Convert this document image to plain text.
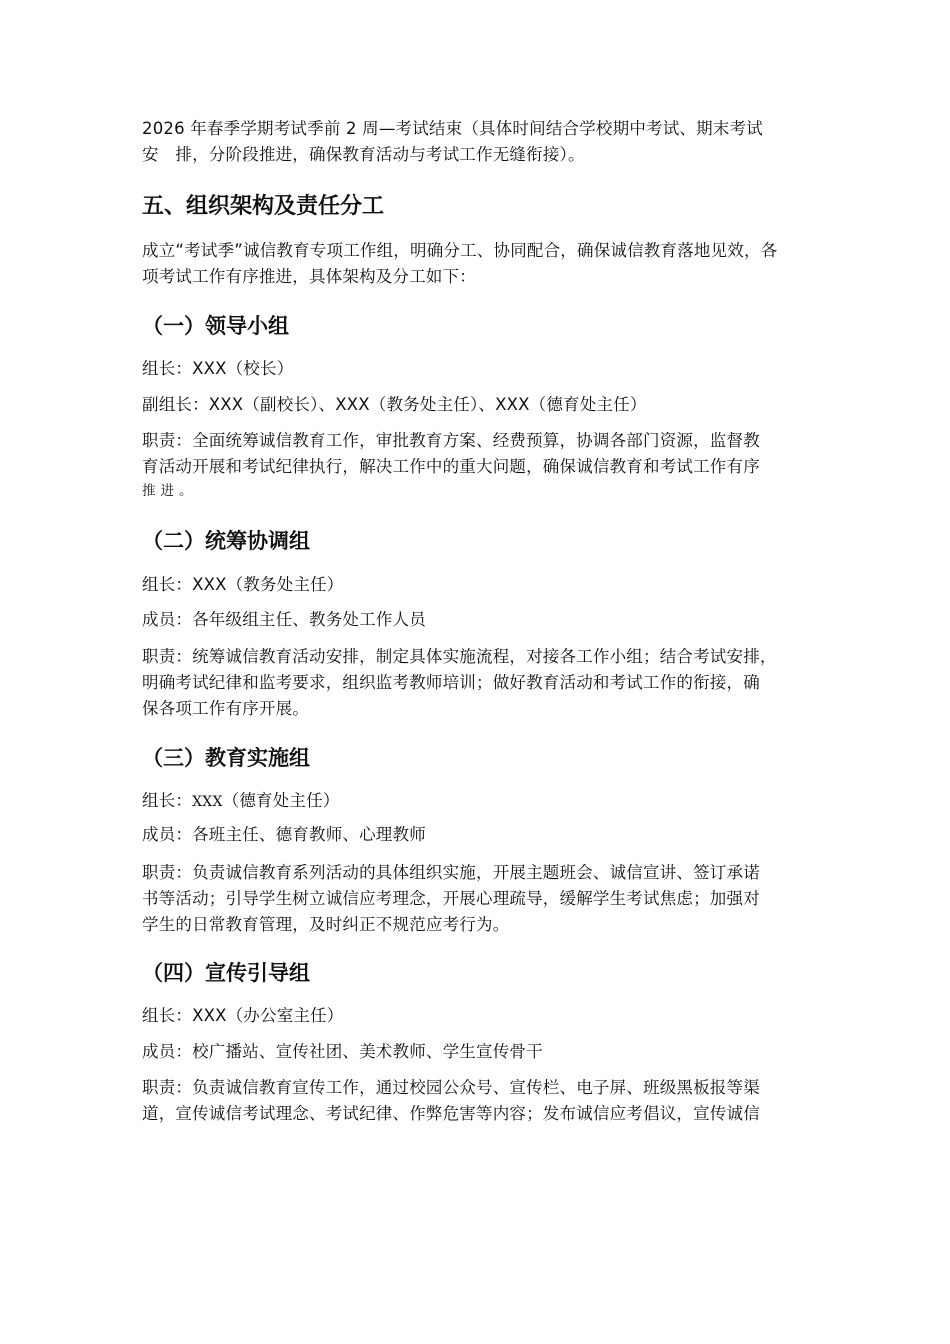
2026 年春季学期考试季前 2 周—考试结束（具体时间结合学校期中考试、期末考试

安　排，分阶段推进，确保教育活动与考试工作无缝衔接）。

五、组织架构及责任分工

成立“考试季”诚信教育专项工作组，明确分工、协同配合，确保诚信教育落地见效，各

项考试工作有序推进，具体架构及分工如下：

（一）领导小组

组长：XXX（校长）

副组长：XXX（副校长）、XXX（教务处主任）、XXX（德育处主任）

职责：全面统筹诚信教育工作，审批教育方案、经费预算，协调各部门资源，监督教

育活动开展和考试纪律执行，解决工作中的重大问题，确保诚信教育和考试工作有序

推进。

（二）统筹协调组

组长：XXX（教务处主任）

成员：各年级组主任、教务处工作人员

职责：统筹诚信教育活动安排，制定具体实施流程，对接各工作小组；结合考试安排，

明确考试纪律和监考要求，组织监考教师培训；做好教育活动和考试工作的衔接，确

保各项工作有序开展。

（三）教育实施组

组长：XXX（德育处主任）

成员：各班主任、德育教师、心理教师

职责：负责诚信教育系列活动的具体组织实施，开展主题班会、诚信宣讲、签订承诺

书等活动；引导学生树立诚信应考理念，开展心理疏导，缓解学生考试焦虑；加强对

学生的日常教育管理，及时纠正不规范应考行为。

（四）宣传引导组

组长：XXX（办公室主任）

成员：校广播站、宣传社团、美术教师、学生宣传骨干

职责：负责诚信教育宣传工作，通过校园公众号、宣传栏、电子屏、班级黑板报等渠

道，宣传诚信考试理念、考试纪律、作弊危害等内容；发布诚信应考倡议，宣传诚信
